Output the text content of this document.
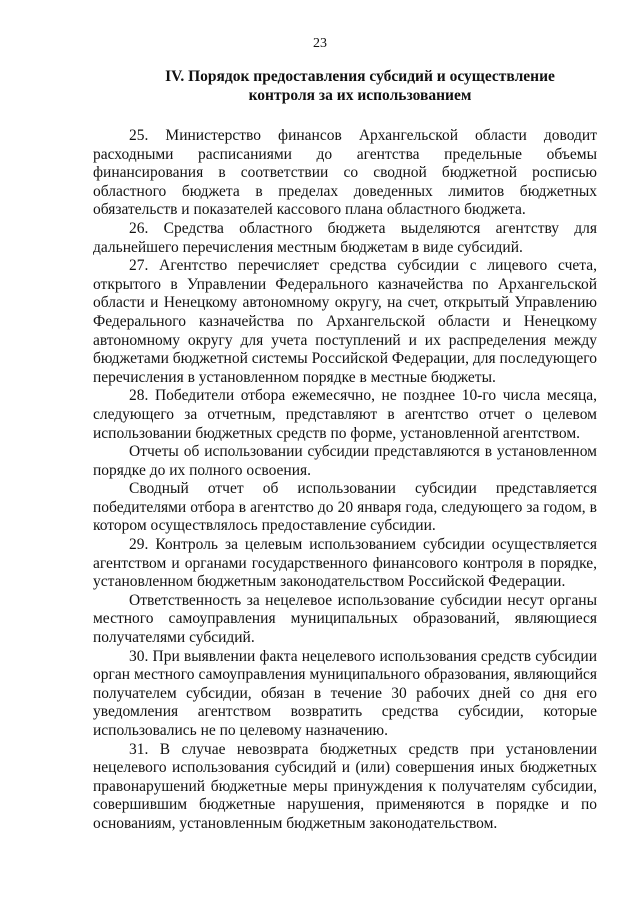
23
IV. Порядок предоставления субсидий и осуществление
контроля за их использованием

25. Министерство финансов Архангельской области доводит расходными расписаниями до агентства предельные объемы финансирования в соответствии со сводной бюджетной росписью областного бюджета в пределах доведенных лимитов бюджетных обязательств и показателей кассового плана областного бюджета.

26. Средства областного бюджета выделяются агентству для дальнейшего перечисления местным бюджетам в виде субсидий.

27. Агентство перечисляет средства субсидии с лицевого счета, открытого в Управлении Федерального казначейства по Архангельской области и Ненецкому автономному округу, на счет, открытый Управлению Федерального казначейства по Архангельской области и Ненецкому автономному округу для учета поступлений и их распределения между бюджетами бюджетной системы Российской Федерации, для последующего перечисления в установленном порядке в местные бюджеты.

28. Победители отбора ежемесячно, не позднее 10-го числа месяца, следующего за отчетным, представляют в агентство отчет о целевом использовании бюджетных средств по форме, установленной агентством.

Отчеты об использовании субсидии представляются в установленном порядке до их полного освоения.

Сводный отчет об использовании субсидии представляется победителями отбора в агентство до 20 января года, следующего за годом, в котором осуществлялось предоставление субсидии.

29. Контроль за целевым использованием субсидии осуществляется агентством и органами государственного финансового контроля в порядке, установленном бюджетным законодательством Российской Федерации.

Ответственность за нецелевое использование субсидии несут органы местного самоуправления муниципальных образований, являющиеся получателями субсидий.

30. При выявлении факта нецелевого использования средств субсидии орган местного самоуправления муниципального образования, являющийся получателем субсидии, обязан в течение 30 рабочих дней со дня его уведомления агентством возвратить средства субсидии, которые использовались не по целевому назначению.

31. В случае невозврата бюджетных средств при установлении нецелевого использования субсидий и (или) совершения иных бюджетных правонарушений бюджетные меры принуждения к получателям субсидии, совершившим бюджетные нарушения, применяются в порядке и по основаниям, установленным бюджетным законодательством.
